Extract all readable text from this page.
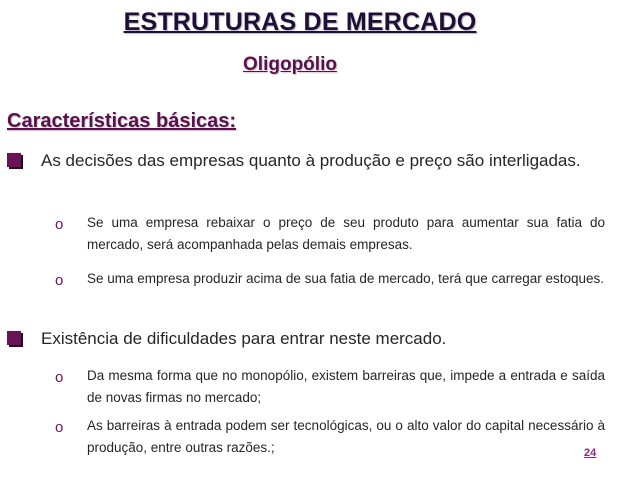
ESTRUTURAS DE MERCADO
Oligopólio
Características básicas:
As decisões das empresas quanto à produção e preço são interligadas.
o Se uma empresa rebaixar o preço de seu produto para aumentar sua fatia do mercado, será acompanhada pelas demais empresas.
o Se uma empresa produzir acima de sua fatia de mercado, terá que carregar estoques.
Existência de dificuldades para entrar neste mercado.
o Da mesma forma que no monopólio, existem barreiras que, impede a entrada e saída de novas firmas no mercado;
o As barreiras à entrada podem ser tecnológicas, ou o alto valor do capital necessário à produção, entre outras razões.;	24
